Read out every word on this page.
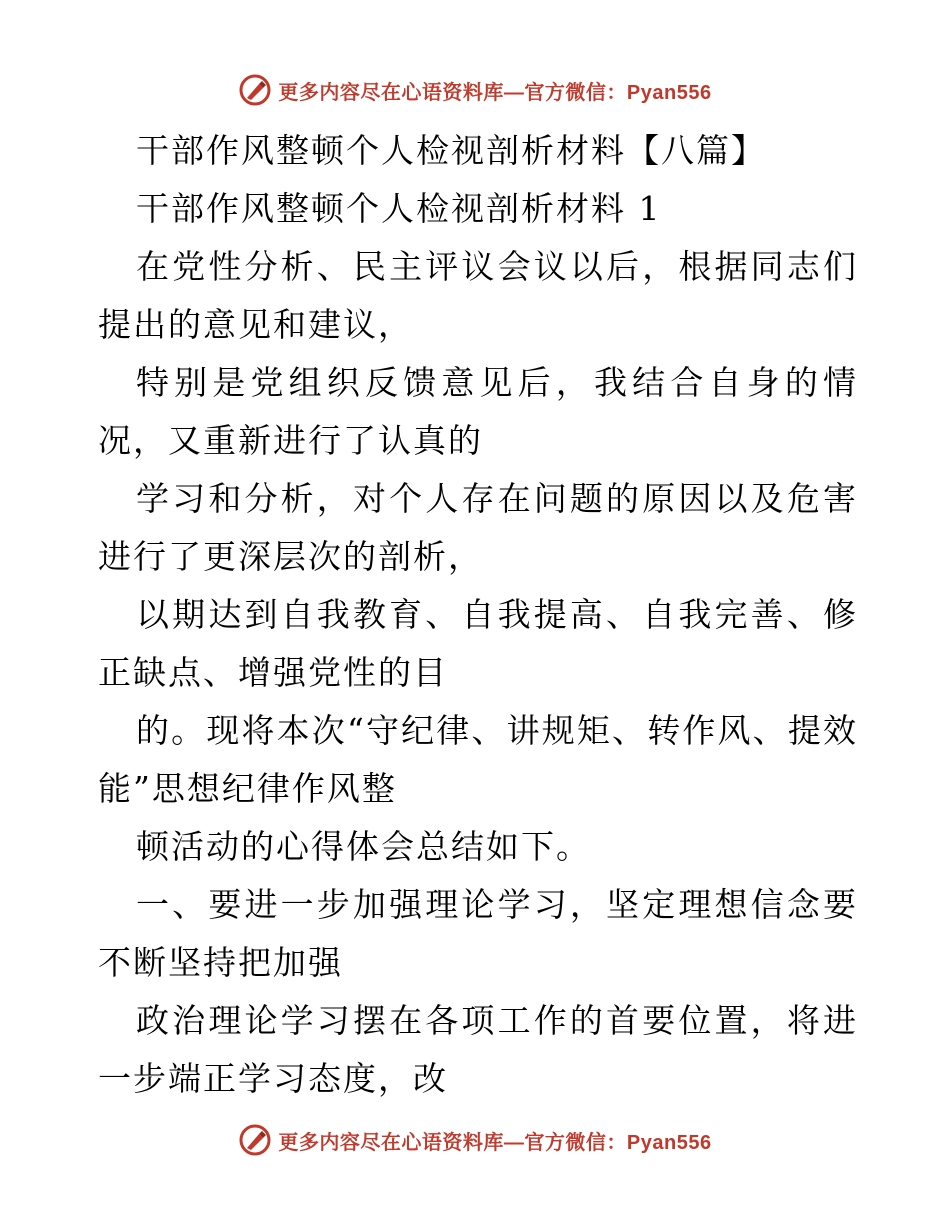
更多内容尽在心语资料库—官方微信：Pyan556

干部作风整顿个人检视剖析材料【八篇】

干部作风整顿个人检视剖析材料 1

在党性分析、民主评议会议以后，根据同志们提出的意见和建议，

特别是党组织反馈意见后，我结合自身的情况，又重新进行了认真的

学习和分析，对个人存在问题的原因以及危害进行了更深层次的剖析，

以期达到自我教育、自我提高、自我完善、修正缺点、增强党性的目

的。现将本次“守纪律、讲规矩、转作风、提效能”思想纪律作风整

顿活动的心得体会总结如下。

一、要进一步加强理论学习，坚定理想信念要不断坚持把加强

政治理论学习摆在各项工作的首要位置，将进一步端正学习态度，改

更多内容尽在心语资料库—官方微信：Pyan556
